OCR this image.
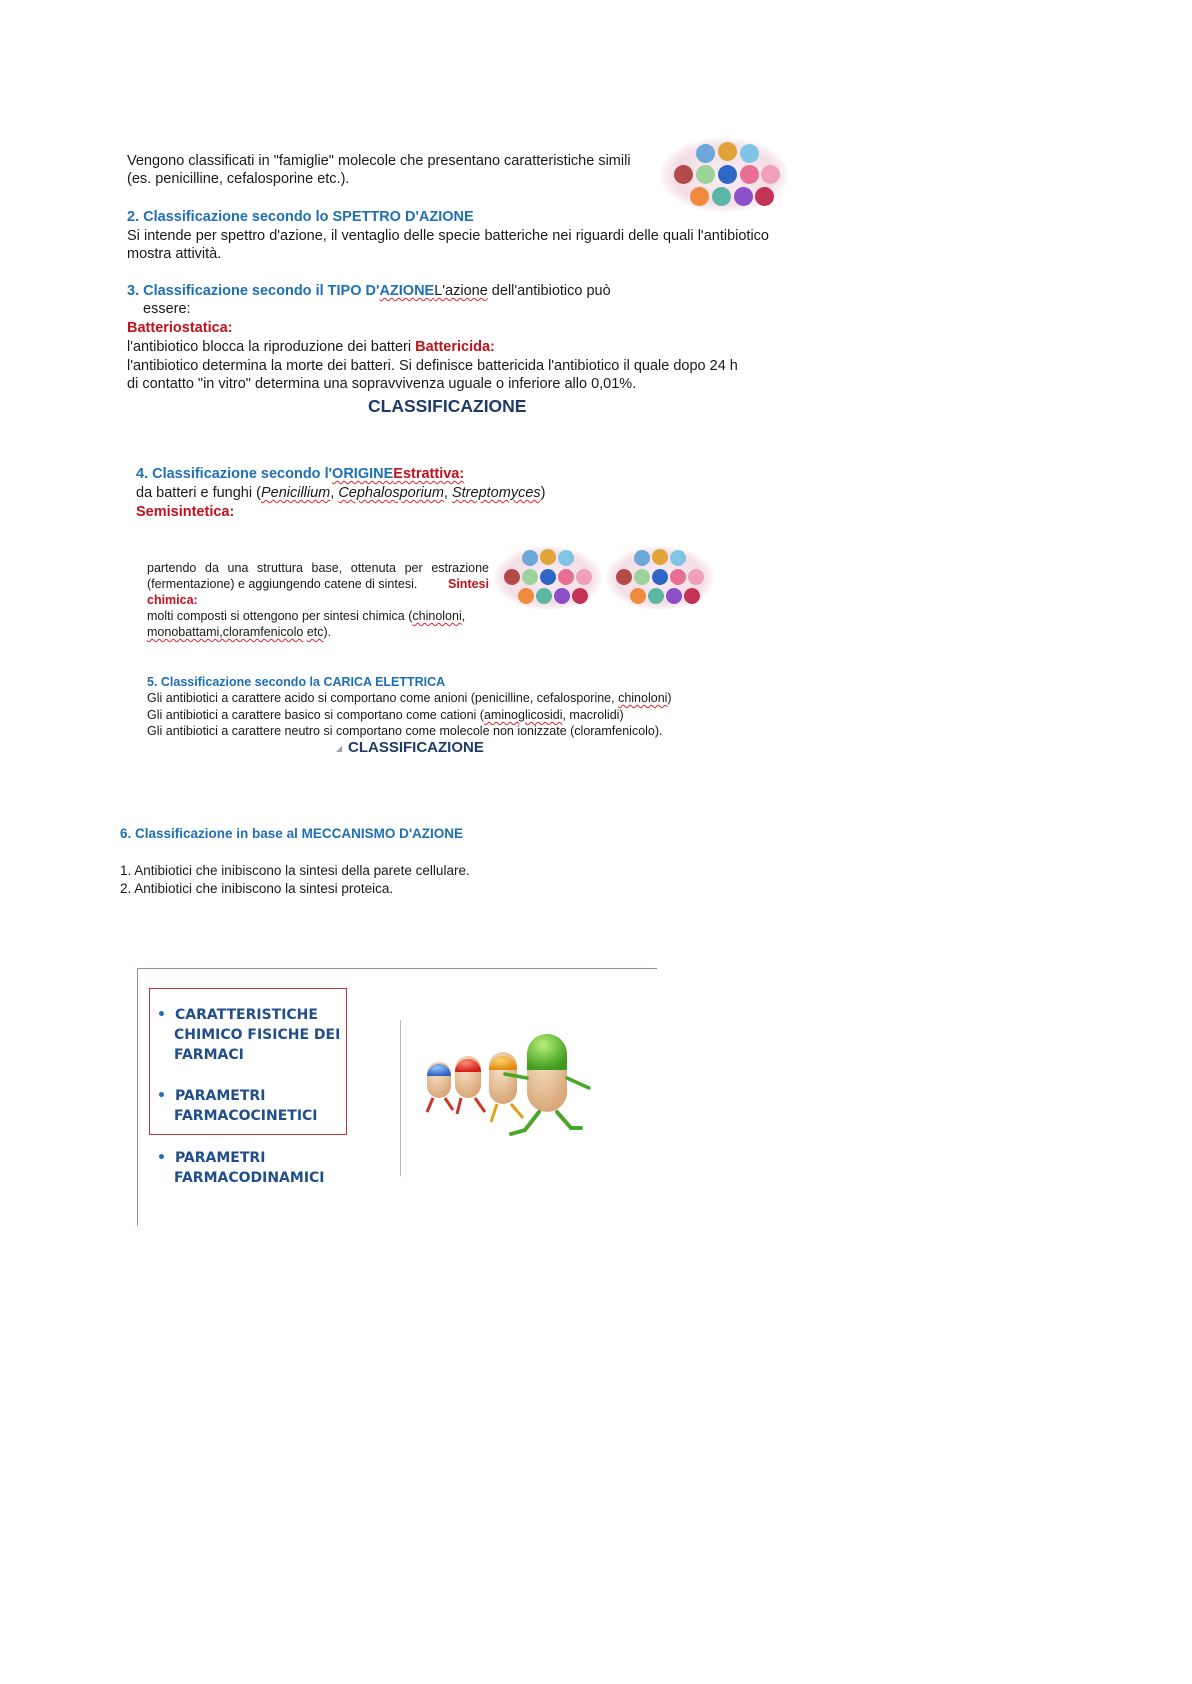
Vengono classificati in "famiglie" molecole che presentano caratteristiche simili
(es. penicilline, cefalosporine etc.).
2. Classificazione secondo lo SPETTRO D'AZIONE
Si intende per spettro d'azione, il ventaglio delle specie batteriche nei riguardi delle quali l'antibiotico mostra attività.
3. Classificazione secondo il TIPO D'AZIONEL'azione dell'antibiotico può
essere:
Batteriostatica:
l'antibiotico blocca la riproduzione dei batteri Battericida:
l'antibiotico determina la morte dei batteri. Si definisce battericida l'antibiotico il quale dopo 24 h
di contatto "in vitro" determina una sopravvivenza uguale o inferiore allo 0,01%.
CLASSIFICAZIONE
4. Classificazione secondo l'ORIGINEEstrattiva:
da batteri e funghi (Penicillium, Cephalosporium, Streptomyces)
Semisintetica:
partendo da una struttura base, ottenuta per estrazione
(fermentazione) e aggiungendo catene di sintesi. Sintesi
chimica:
molti composti si ottengono per sintesi chimica (chinoloni,
monobattami,cloramfenicolo etc).
5. Classificazione secondo la CARICA ELETTRICA
Gli antibiotici a carattere acido si comportano come anioni (penicilline, cefalosporine, chinoloni)
Gli antibiotici a carattere basico si comportano come cationi (aminoglicosidi, macrolidi)
Gli antibiotici a carattere neutro si comportano come molecole non ionizzate (cloramfenicolo).
◢ CLASSIFICAZIONE
6. Classificazione in base al MECCANISMO D'AZIONE
1. Antibiotici che inibiscono la sintesi della parete cellulare.
2. Antibiotici che inibiscono la sintesi proteica.
• CARATTERISTICHE
CHIMICO FISICHE DEI
FARMACI
• PARAMETRI
FARMACOCINETICI
• PARAMETRI
FARMACODINAMICI
